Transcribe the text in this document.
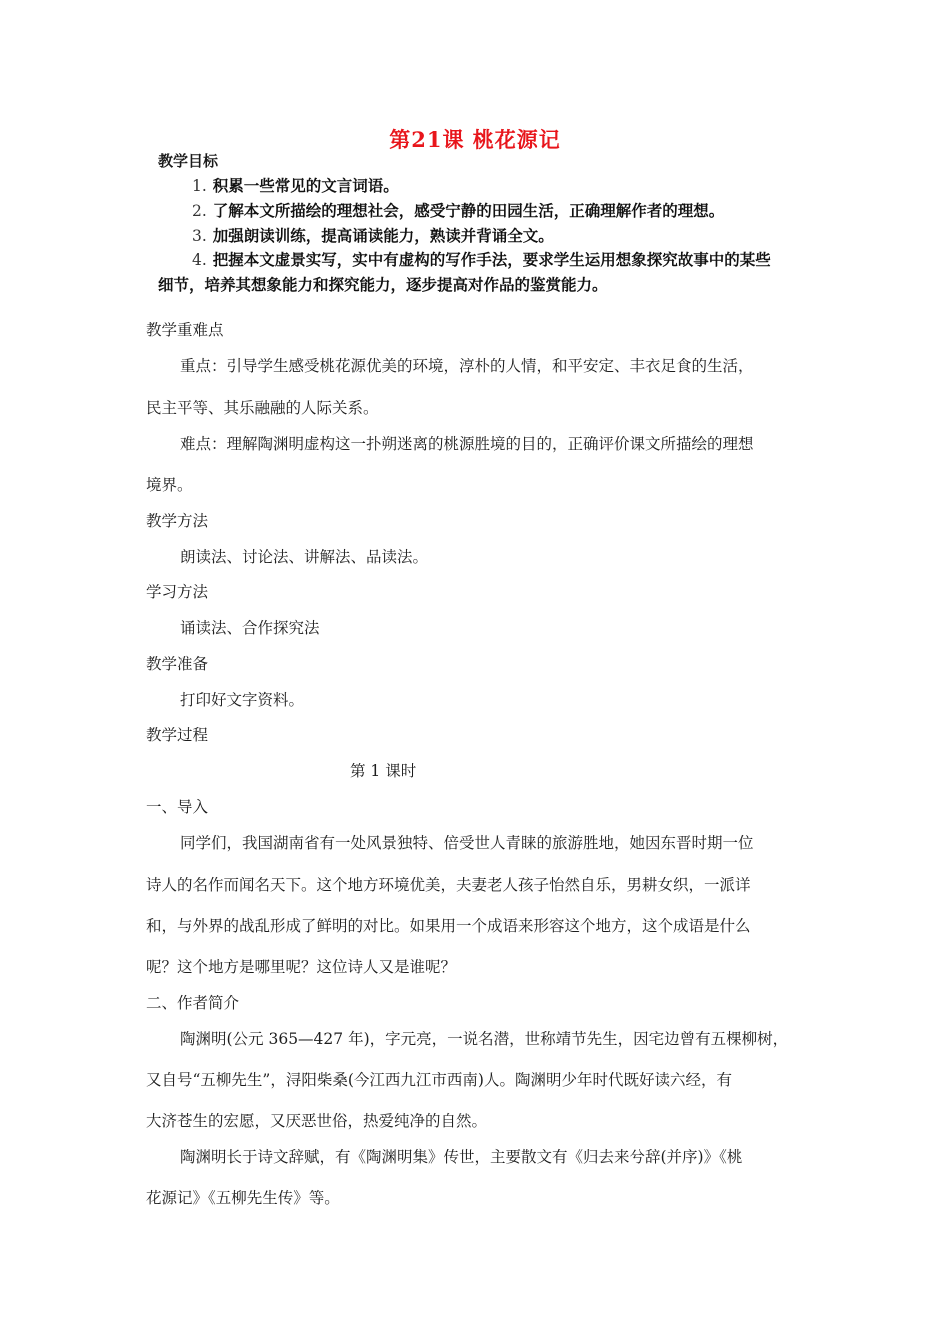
第21课 桃花源记
教学目标
1. 积累一些常见的文言词语。
2. 了解本文所描绘的理想社会，感受宁静的田园生活，正确理解作者的理想。
3. 加强朗读训练，提高诵读能力，熟读并背诵全文。
4. 把握本文虚景实写，实中有虚构的写作手法，要求学生运用想象探究故事中的某些
细节，培养其想象能力和探究能力，逐步提高对作品的鉴赏能力。
教学重难点
重点：引导学生感受桃花源优美的环境，淳朴的人情，和平安定、丰衣足食的生活，
民主平等、其乐融融的人际关系。
难点：理解陶渊明虚构这一扑朔迷离的桃源胜境的目的，正确评价课文所描绘的理想
境界。
教学方法
朗读法、讨论法、讲解法、品读法。
学习方法
诵读法、合作探究法
教学准备
打印好文字资料。
教学过程
第 1 课时
一、导入
同学们，我国湖南省有一处风景独特、倍受世人青睐的旅游胜地，她因东晋时期一位
诗人的名作而闻名天下。这个地方环境优美，夫妻老人孩子怡然自乐，男耕女织，一派详
和，与外界的战乱形成了鲜明的对比。如果用一个成语来形容这个地方，这个成语是什么
呢？这个地方是哪里呢？这位诗人又是谁呢？
二、作者简介
陶渊明(公元 365—427 年)，字元亮，一说名潜，世称靖节先生，因宅边曾有五棵柳树，
又自号“五柳先生”，浔阳柴桑(今江西九江市西南)人。陶渊明少年时代既好读六经，有
大济苍生的宏愿，又厌恶世俗，热爱纯净的自然。
陶渊明长于诗文辞赋，有《陶渊明集》传世，主要散文有《归去来兮辞(并序)》《桃
花源记》《五柳先生传》等。
